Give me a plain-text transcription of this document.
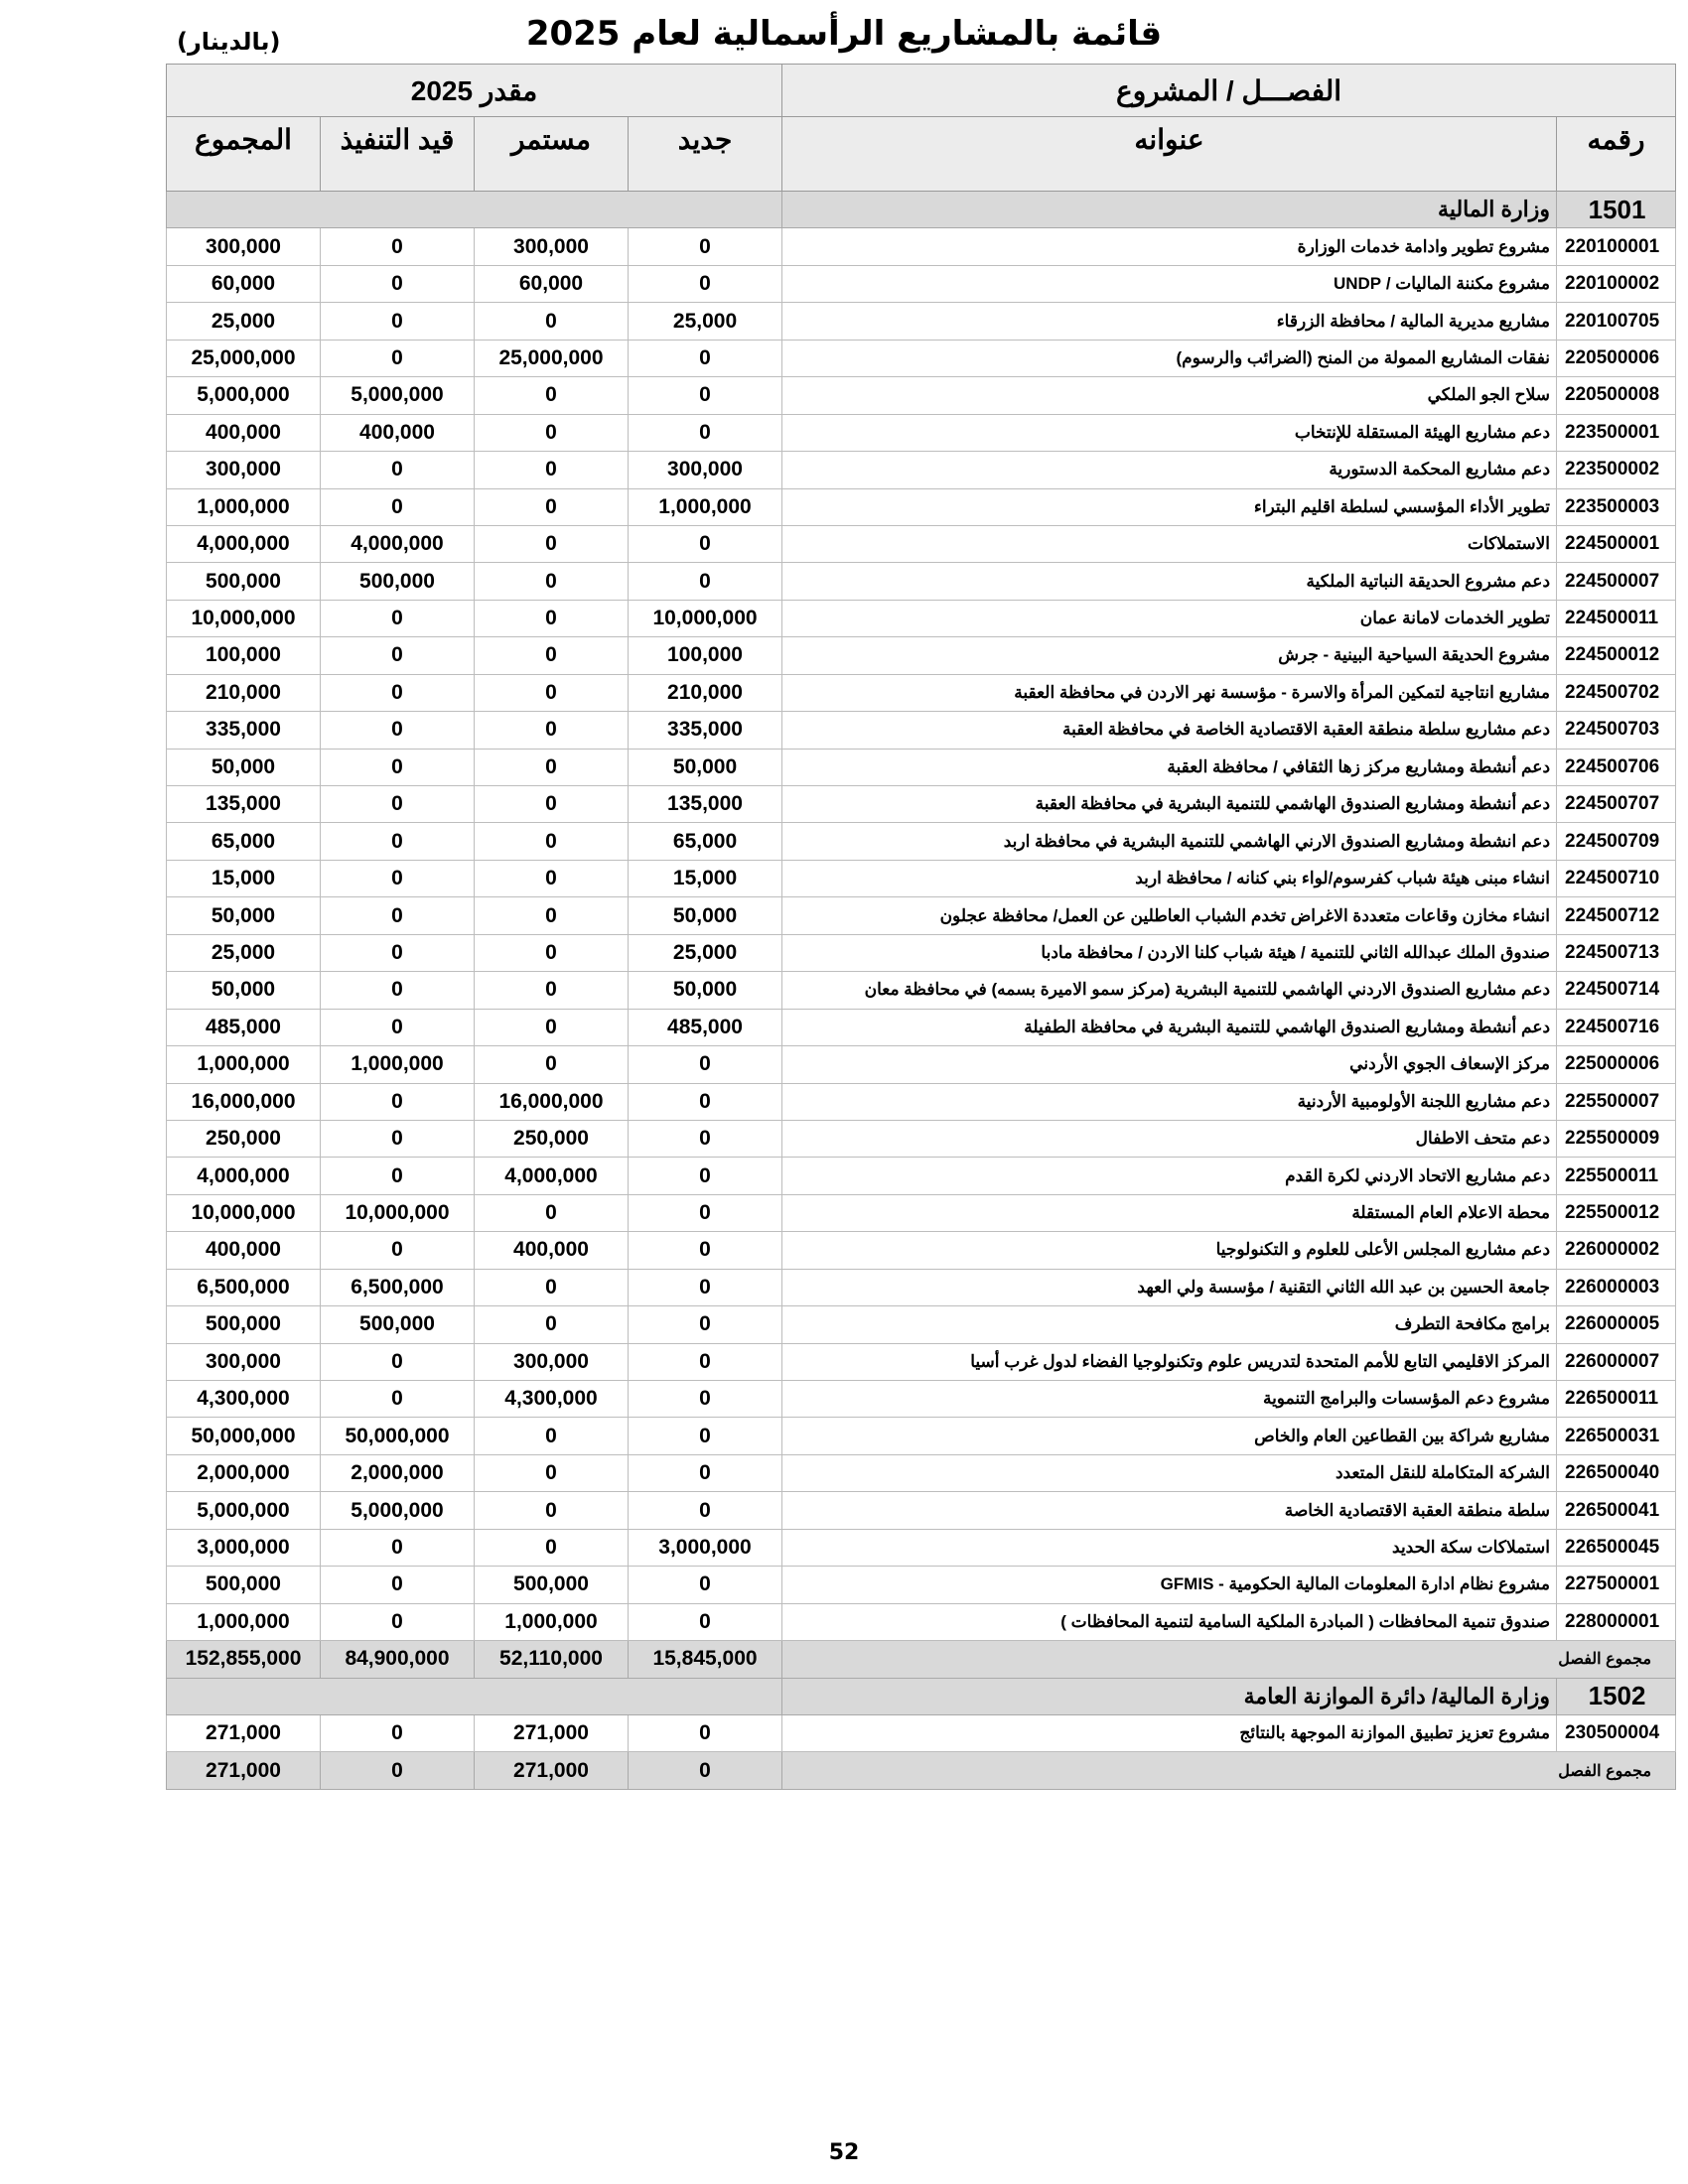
قائمة بالمشاريع الرأسمالية لعام 2025
(بالدينار)
مقدر 2025				الفصـــل / المشروع	
المجموع	قيد التنفيذ	مستمر	جديد	عنوانه	رقمه
				وزارة المالية	1501
300,000	0	300,000	0	مشروع تطوير وادامة خدمات الوزارة	220100001
60,000	0	60,000	0	مشروع مكننة الماليات / UNDP	220100002
25,000	0	0	25,000	مشاريع مديرية المالية / محافظة الزرقاء	220100705
25,000,000	0	25,000,000	0	نفقات المشاريع الممولة من المنح (الضرائب والرسوم)	220500006
5,000,000	5,000,000	0	0	سلاح الجو الملكي	220500008
400,000	400,000	0	0	دعم مشاريع الهيئة المستقلة للإنتخاب	223500001
300,000	0	0	300,000	دعم مشاريع المحكمة الدستورية	223500002
1,000,000	0	0	1,000,000	تطوير الأداء المؤسسي لسلطة اقليم البتراء	223500003
4,000,000	4,000,000	0	0	الاستملاكات	224500001
500,000	500,000	0	0	دعم مشروع الحديقة النباتية الملكية	224500007
10,000,000	0	0	10,000,000	تطوير الخدمات لامانة عمان	224500011
100,000	0	0	100,000	مشروع الحديقة السياحية البينية - جرش	224500012
210,000	0	0	210,000	مشاريع انتاجية لتمكين المرأة والاسرة - مؤسسة نهر الاردن في محافظة العقبة	224500702
335,000	0	0	335,000	دعم مشاريع سلطة منطقة العقبة الاقتصادية الخاصة في محافظة العقبة	224500703
50,000	0	0	50,000	دعم أنشطة ومشاريع مركز زها الثقافي / محافظة العقبة	224500706
135,000	0	0	135,000	دعم أنشطة ومشاريع الصندوق الهاشمي للتنمية البشرية في محافظة العقبة	224500707
65,000	0	0	65,000	دعم انشطة ومشاريع الصندوق الارني الهاشمي للتنمية البشرية في محافظة اربد	224500709
15,000	0	0	15,000	انشاء مبنى هيئة شباب كفرسوم/لواء بني كنانه / محافظة اربد	224500710
50,000	0	0	50,000	انشاء مخازن وقاعات متعددة الاغراض تخدم الشباب العاطلين عن العمل/ محافظة عجلون	224500712
25,000	0	0	25,000	صندوق الملك عبدالله الثاني للتنمية / هيئة شباب كلنا الاردن / محافظة مادبا	224500713
50,000	0	0	50,000	دعم مشاريع الصندوق الاردني الهاشمي للتنمية البشرية (مركز سمو الاميرة بسمه) في محافظة معان	224500714
485,000	0	0	485,000	دعم أنشطة ومشاريع الصندوق الهاشمي للتنمية البشرية في محافظة الطفيلة	224500716
1,000,000	1,000,000	0	0	مركز الإسعاف الجوي الأردني	225000006
16,000,000	0	16,000,000	0	دعم مشاريع اللجنة الأولومبية الأردنية	225500007
250,000	0	250,000	0	دعم متحف الاطفال	225500009
4,000,000	0	4,000,000	0	دعم مشاريع الاتحاد الاردني لكرة القدم	225500011
10,000,000	10,000,000	0	0	محطة الاعلام العام المستقلة	225500012
400,000	0	400,000	0	دعم مشاريع المجلس الأعلى للعلوم و التكنولوجيا	226000002
6,500,000	6,500,000	0	0	جامعة الحسين بن عبد الله الثاني التقنية / مؤسسة ولي العهد	226000003
500,000	500,000	0	0	برامج مكافحة التطرف	226000005
300,000	0	300,000	0	المركز الاقليمي التابع للأمم المتحدة لتدريس علوم وتكنولوجيا الفضاء لدول غرب أسيا	226000007
4,300,000	0	4,300,000	0	مشروع دعم المؤسسات والبرامج التنموية	226500011
50,000,000	50,000,000	0	0	مشاريع شراكة بين القطاعين العام والخاص	226500031
2,000,000	2,000,000	0	0	الشركة المتكاملة للنقل المتعدد	226500040
5,000,000	5,000,000	0	0	سلطة منطقة العقبة الاقتصادية الخاصة	226500041
3,000,000	0	0	3,000,000	استملاكات سكة الحديد	226500045
500,000	0	500,000	0	مشروع نظام ادارة المعلومات المالية الحكومية - GFMIS	227500001
1,000,000	0	1,000,000	0	صندوق تنمية المحافظات ( المبادرة الملكية السامية لتنمية المحافظات )	228000001
152,855,000	84,900,000	52,110,000	15,845,000	مجموع الفصل	
				وزارة المالية/ دائرة الموازنة العامة	1502
271,000	0	271,000	0	مشروع تعزيز تطبيق الموازنة الموجهة بالنتائج	230500004
271,000	0	271,000	0	مجموع الفصل	
52
